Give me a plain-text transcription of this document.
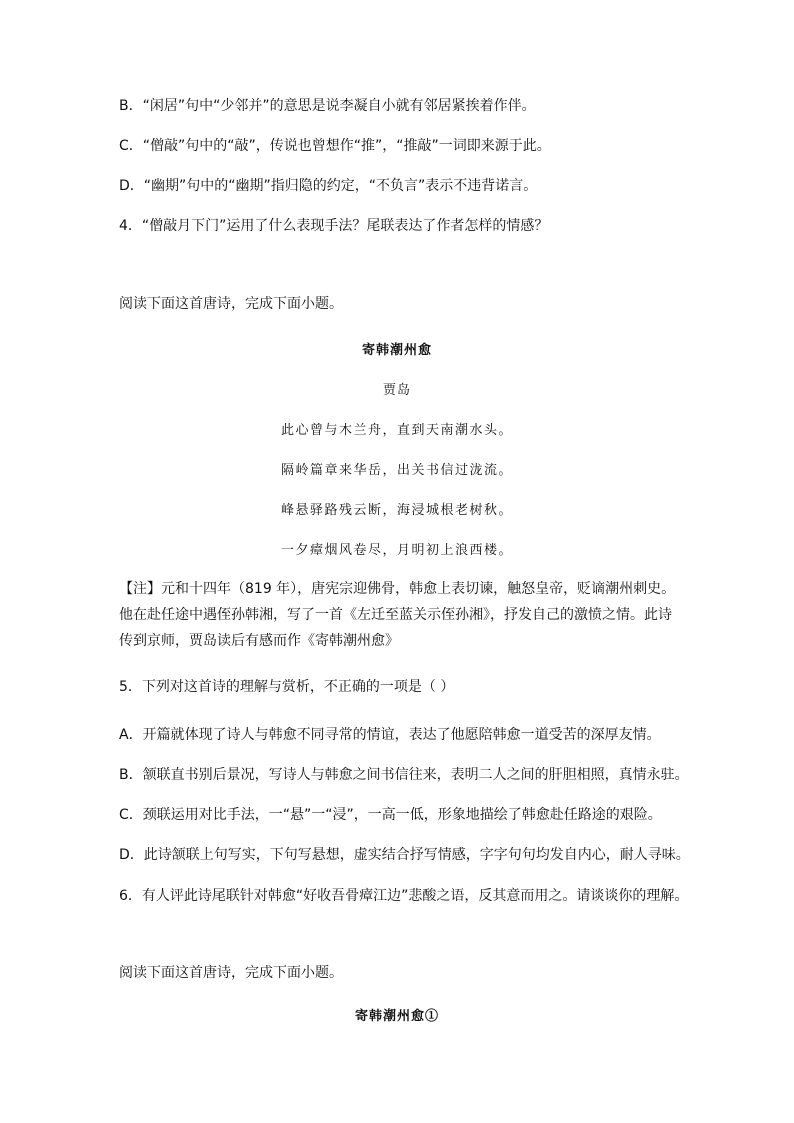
B．“闲居”句中“少邻并”的意思是说李凝自小就有邻居紧挨着作伴。
C．“僧敲”句中的“敲”，传说也曾想作“推”，“推敲”一词即来源于此。
D．“幽期”句中的“幽期”指归隐的约定，“不负言”表示不违背诺言。
4．“僧敲月下门”运用了什么表现手法？尾联表达了作者怎样的情感？
阅读下面这首唐诗，完成下面小题。
寄韩潮州愈
贾岛
此心曾与木兰舟，直到天南潮水头。
隔岭篇章来华岳，出关书信过泷流。
峰悬驿路残云断，海浸城根老树秋。
一夕瘴烟风卷尽，月明初上浪西楼。
【注】元和十四年（819 年），唐宪宗迎佛骨，韩愈上表切谏，触怒皇帝，贬谪潮州刺史。
他在赴任途中遇侄孙韩湘，写了一首《左迁至蓝关示侄孙湘》，抒发自己的激愤之情。此诗
传到京师，贾岛读后有感而作《寄韩潮州愈》
5．下列对这首诗的理解与赏析，不正确的一项是（ ）
A．开篇就体现了诗人与韩愈不同寻常的情谊，表达了他愿陪韩愈一道受苦的深厚友情。
B．颔联直书别后景况，写诗人与韩愈之间书信往来，表明二人之间的肝胆相照，真情永驻。
C．颈联运用对比手法，一“悬”一“浸”，一高一低，形象地描绘了韩愈赴任路途的艰险。
D．此诗颔联上句写实，下句写悬想，虚实结合抒写情感，字字句句均发自内心，耐人寻味。
6．有人评此诗尾联针对韩愈“好收吾骨瘴江边”悲酸之语，反其意而用之。请谈谈你的理解。
阅读下面这首唐诗，完成下面小题。
寄韩潮州愈①
